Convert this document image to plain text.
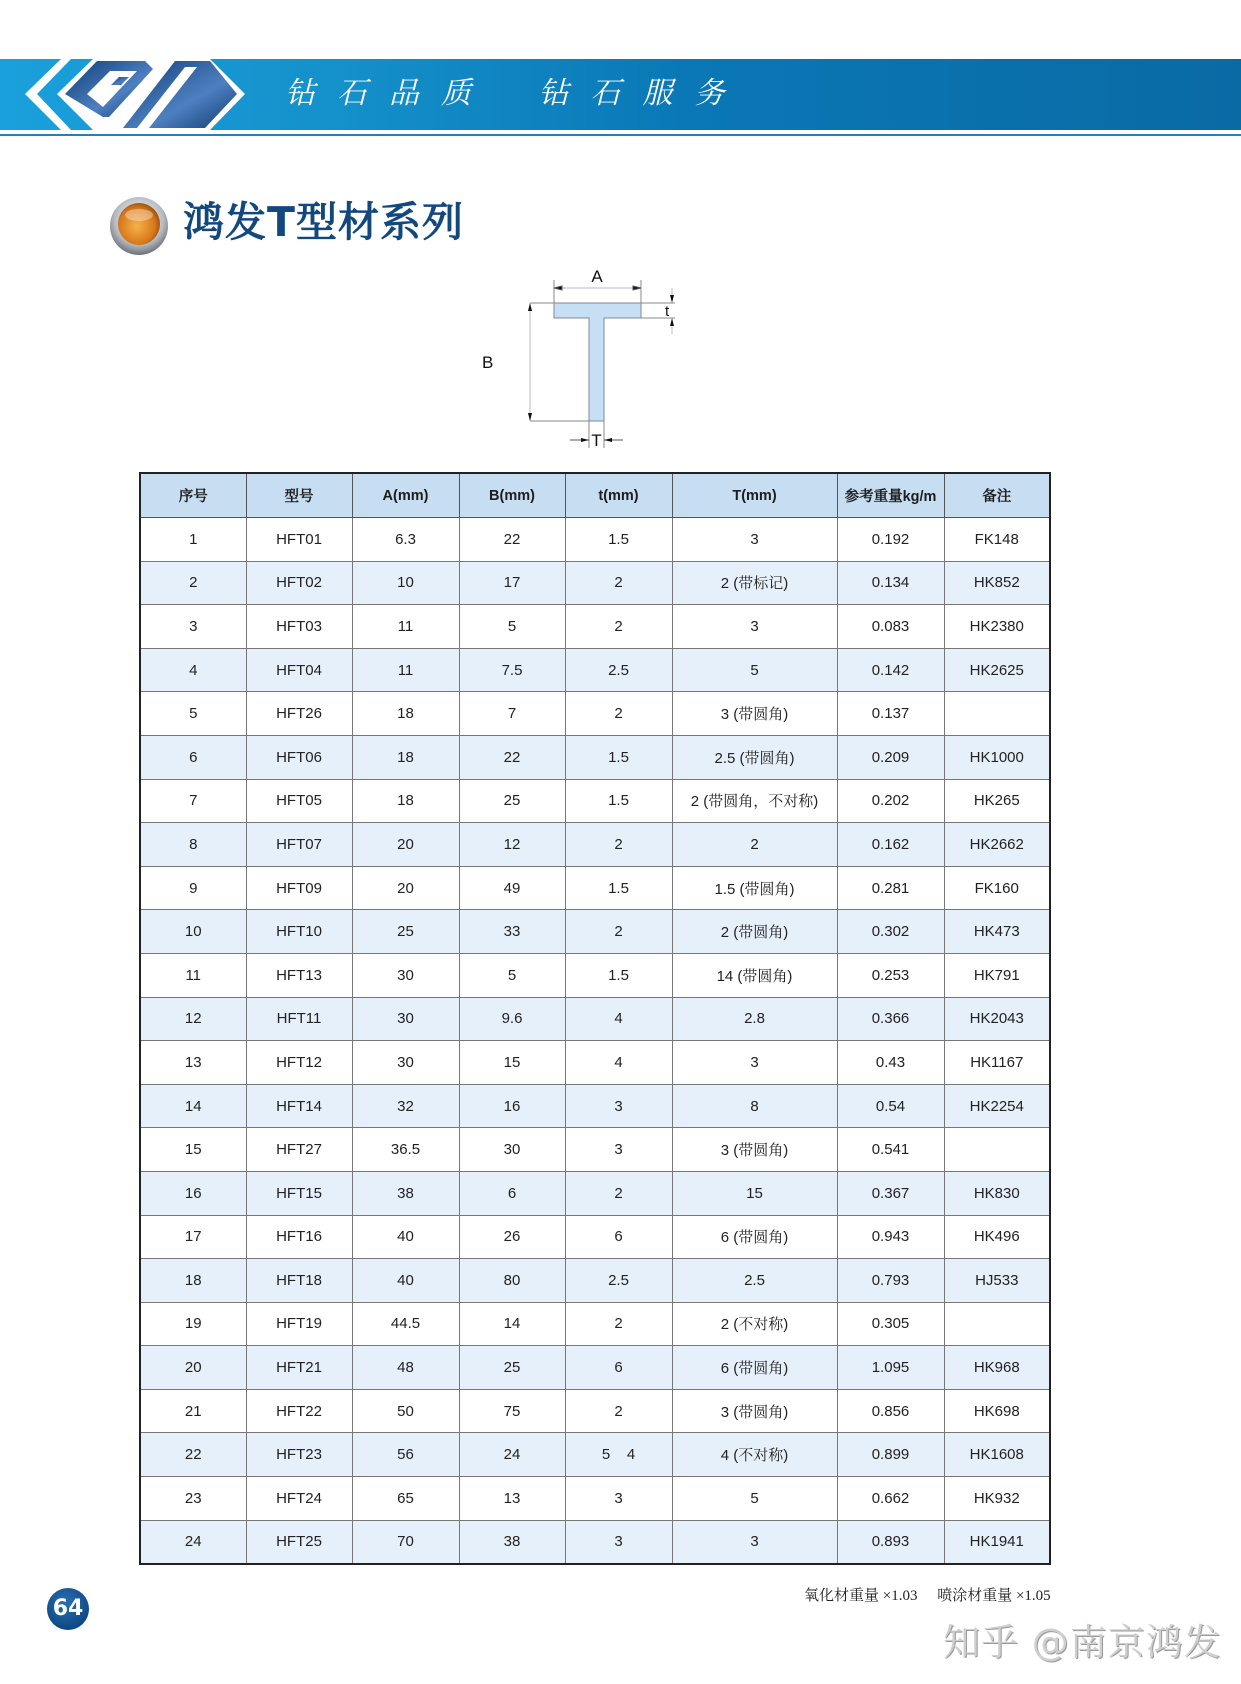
钻石品质 钻石服务
鸿发T型材系列
A
B
t
T
序号	型号	A(mm)	B(mm)	t(mm)	T(mm)	参考重量kg/m	备注
1	HFT01	6.3	22	1.5	3	0.192	FK148
2	HFT02	10	17	2	2 (带标记)	0.134	HK852
3	HFT03	11	5	2	3	0.083	HK2380
4	HFT04	11	7.5	2.5	5	0.142	HK2625
5	HFT26	18	7	2	3 (带圆角)	0.137	
6	HFT06	18	22	1.5	2.5 (带圆角)	0.209	HK1000
7	HFT05	18	25	1.5	2 (带圆角，不对称)	0.202	HK265
8	HFT07	20	12	2	2	0.162	HK2662
9	HFT09	20	49	1.5	1.5 (带圆角)	0.281	FK160
10	HFT10	25	33	2	2 (带圆角)	0.302	HK473
11	HFT13	30	5	1.5	14 (带圆角)	0.253	HK791
12	HFT11	30	9.6	4	2.8	0.366	HK2043
13	HFT12	30	15	4	3	0.43	HK1167
14	HFT14	32	16	3	8	0.54	HK2254
15	HFT27	36.5	30	3	3 (带圆角)	0.541	
16	HFT15	38	6	2	15	0.367	HK830
17	HFT16	40	26	6	6 (带圆角)	0.943	HK496
18	HFT18	40	80	2.5	2.5	0.793	HJ533
19	HFT19	44.5	14	2	2 (不对称)	0.305	
20	HFT21	48	25	6	6 (带圆角)	1.095	HK968
21	HFT22	50	75	2	3 (带圆角)	0.856	HK698
22	HFT23	56	24	5    4	4 (不对称)	0.899	HK1608
23	HFT24	65	13	3	5	0.662	HK932
24	HFT25	70	38	3	3	0.893	HK1941
氧化材重量 ×1.03 喷涂材重量 ×1.05
64
知乎 @南京鸿发
